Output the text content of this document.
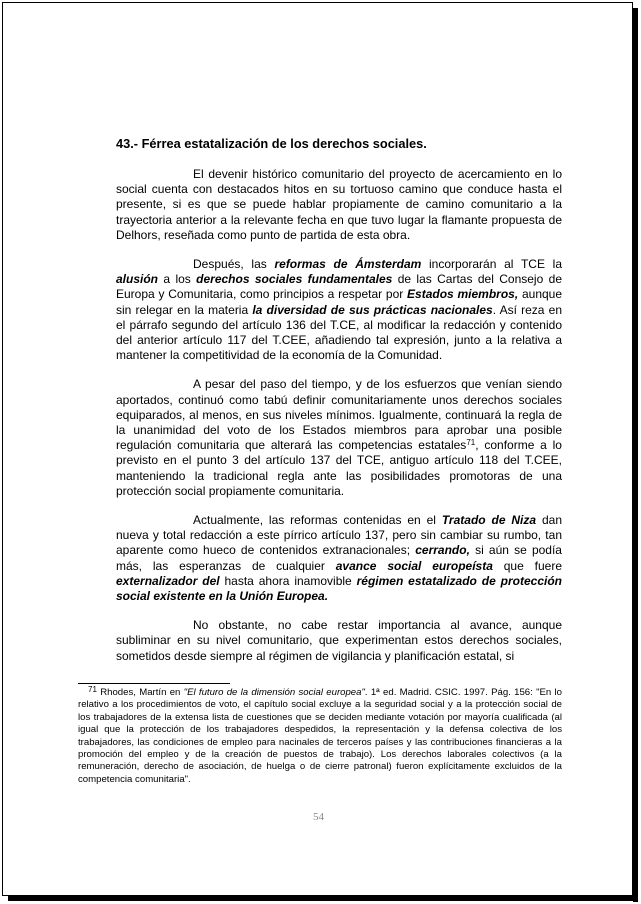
54
43.- Férrea estatalización de los derechos sociales.

El devenir histórico comunitario del proyecto de acercamiento en lo social cuenta con destacados hitos en su tortuoso camino que conduce hasta el presente, si es que se puede hablar propiamente de camino comunitario a la trayectoria anterior a la relevante fecha en que tuvo lugar la flamante propuesta de Delhors, reseñada como punto de partida de esta obra.

Después, las reformas de Ámsterdam incorporarán al TCE la alusión a los derechos sociales fundamentales de las Cartas del Consejo de Europa y Comunitaria, como principios a respetar por Estados miembros, aunque sin relegar en la materia la diversidad de sus prácticas nacionales. Así reza en el párrafo segundo del artículo 136 del T.CE, al modificar la redacción y contenido del anterior artículo 117 del T.CEE, añadiendo tal expresión, junto a la relativa a mantener la competitividad de la economía de la Comunidad.

A pesar del paso del tiempo, y de los esfuerzos que venían siendo aportados, continuó como tabú definir comunitariamente unos derechos sociales equiparados, al menos, en sus niveles mínimos. Igualmente, continuará la regla de la unanimidad del voto de los Estados miembros para aprobar una posible regulación comunitaria que alterará las competencias estatales$^{71}$, conforme a lo previsto en el punto 3 del artículo 137 del TCE, antiguo artículo 118 del T.CEE, manteniendo la tradicional regla ante las posibilidades promotoras de una protección social propiamente comunitaria.

Actualmente, las reformas contenidas en el Tratado de Niza dan nueva y total redacción a este pírrico artículo 137, pero sin cambiar su rumbo, tan aparente como hueco de contenidos extranacionales; cerrando, si aún se podía más, las esperanzas de cualquier avance social europeísta que fuere externalizador del hasta ahora inamovible régimen estatalizado de protección social existente en la Unión Europea.

No obstante, no cabe restar importancia al avance, aunque subliminar en su nivel comunitario, que experimentan estos derechos sociales, sometidos desde siempre al régimen de vigilancia y planificación estatal, si

$^{71}$ Rhodes, Martín en "El futuro de la dimensión social europea". 1ª ed. Madrid. CSIC. 1997. Pág. 156: "En lo relativo a los procedimientos de voto, el capítulo social excluye a la seguridad social y a la protección social de los trabajadores de la extensa lista de cuestiones que se deciden mediante votación por mayoría cualificada (al igual que la protección de los trabajadores despedidos, la representación y la defensa colectiva de los trabajadores, las condiciones de empleo para nacinales de terceros países y las contribuciones financieras a la promoción del empleo y de la creación de puestos de trabajo). Los derechos laborales colectivos (a la remuneración, derecho de asociación, de huelga o de cierre patronal) fueron explícitamente excluidos de la competencia comunitaria".
